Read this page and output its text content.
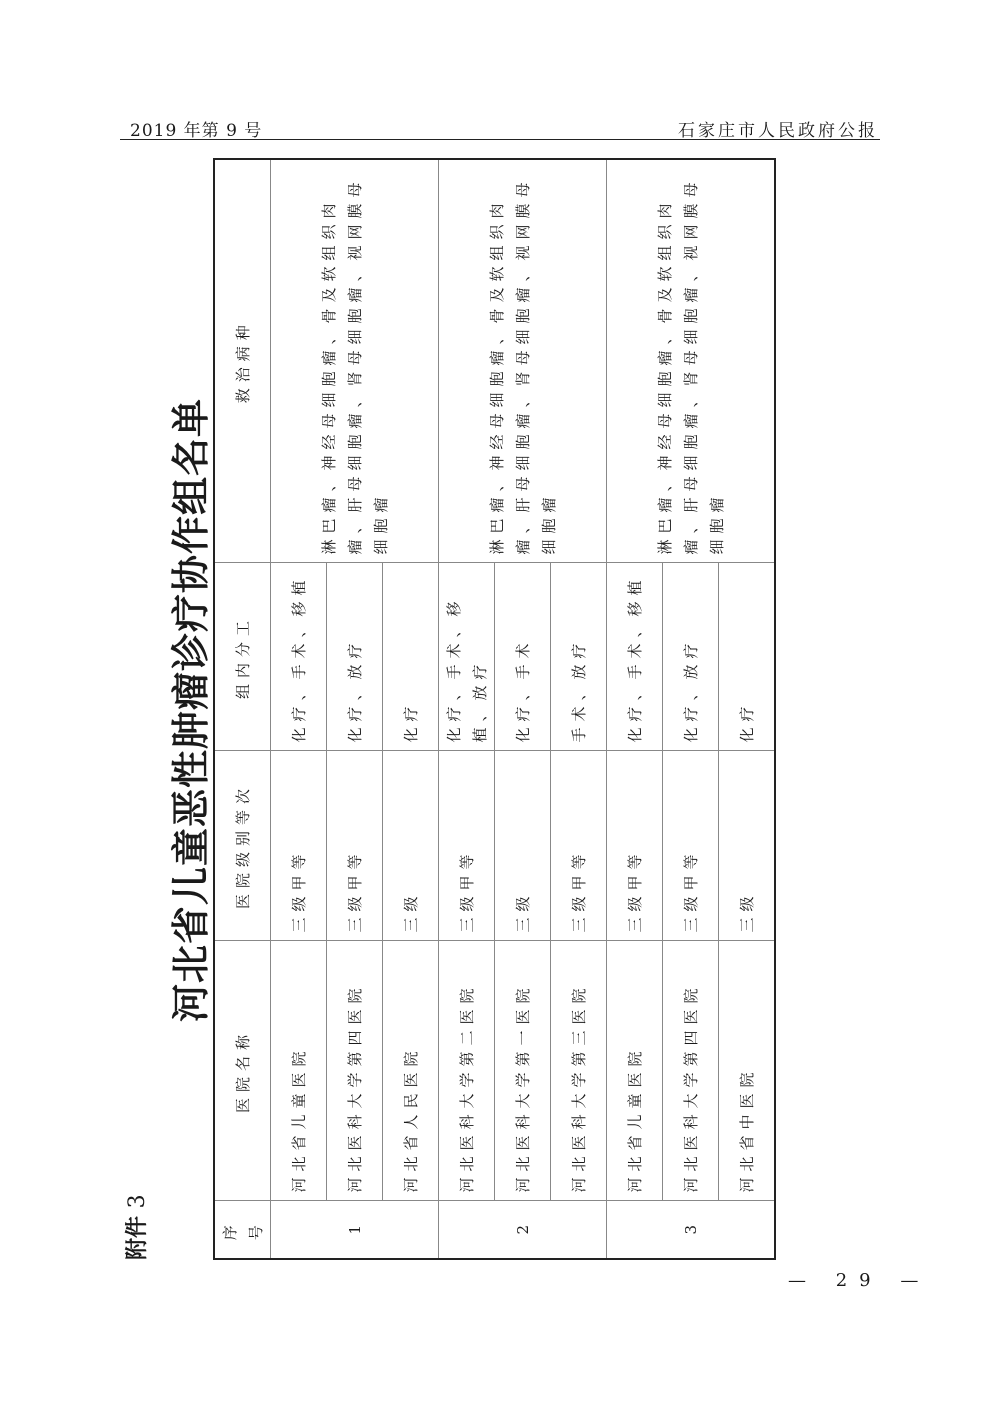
2019 年第 9 号	石家庄市人民政府公报
附件 3
河北省儿童恶性肿瘤诊疗协作组名单
序号	医院名称	医院级别等次	组内分工	救治病种
1	河北省儿童医院	三级甲等	化疗、手术、移植	淋巴瘤、神经母细胞瘤、骨及软组织肉瘤、肝母细胞瘤、肾母细胞瘤、视网膜母细胞瘤
	河北医科大学第四医院	三级甲等	化疗、放疗	
	河北省人民医院	三级	化疗	
2	河北医科大学第二医院	三级甲等	化疗、手术、移植、放疗	淋巴瘤、神经母细胞瘤、骨及软组织肉瘤、肝母细胞瘤、肾母细胞瘤、视网膜母细胞瘤
	河北医科大学第一医院	三级	化疗、手术	
	河北医科大学第三医院	三级甲等	手术、放疗	
3	河北省儿童医院	三级甲等	化疗、手术、移植	淋巴瘤、神经母细胞瘤、骨及软组织肉瘤、肝母细胞瘤、肾母细胞瘤、视网膜母细胞瘤
	河北医科大学第四医院	三级甲等	化疗、放疗	
	河北省中医院	三级	化疗	
— 29 —
